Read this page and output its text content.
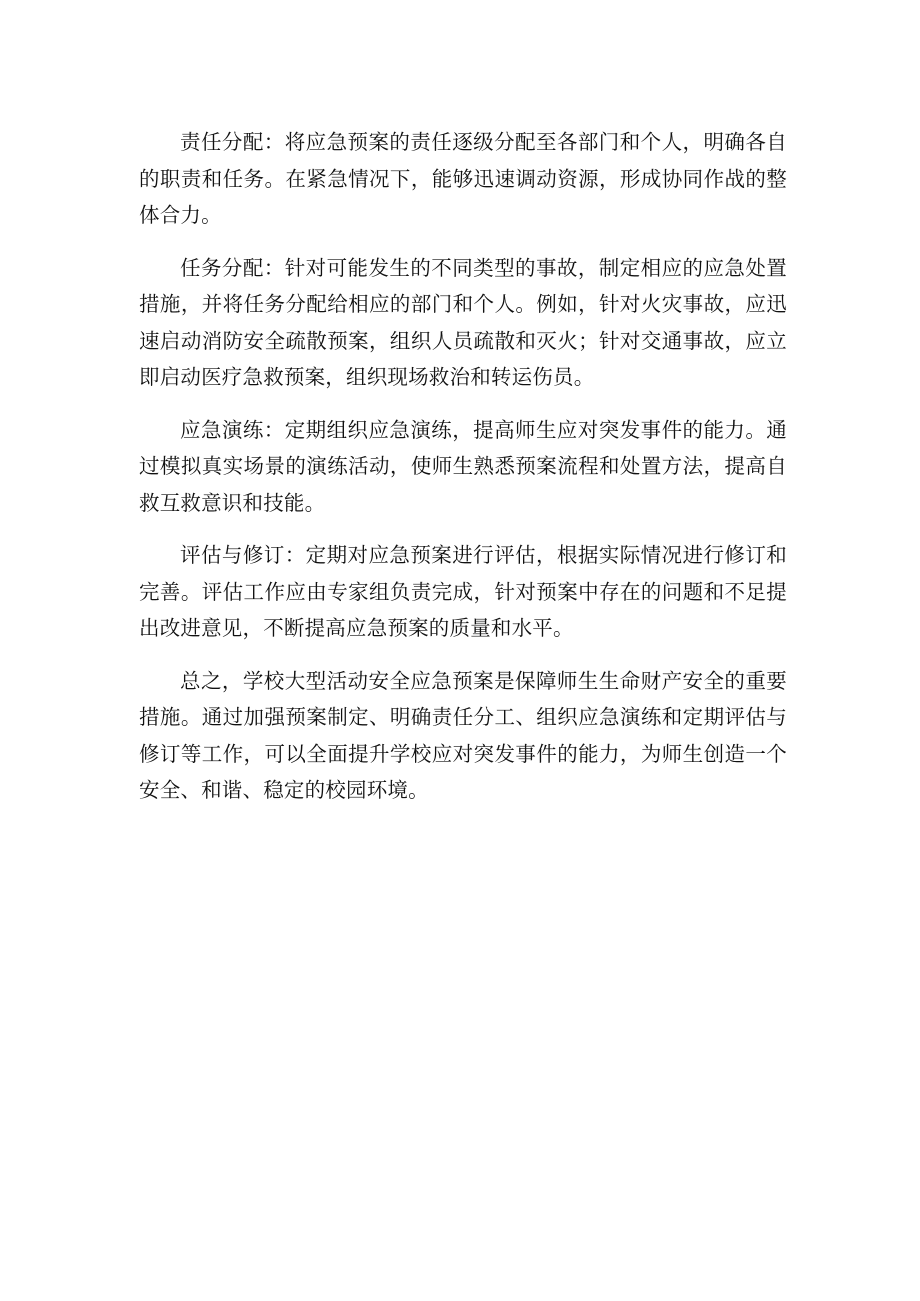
责任分配：将应急预案的责任逐级分配至各部门和个人，明确各自的职责和任务。在紧急情况下，能够迅速调动资源，形成协同作战的整体合力。

任务分配：针对可能发生的不同类型的事故，制定相应的应急处置措施，并将任务分配给相应的部门和个人。例如，针对火灾事故，应迅速启动消防安全疏散预案，组织人员疏散和灭火；针对交通事故，应立即启动医疗急救预案，组织现场救治和转运伤员。

应急演练：定期组织应急演练，提高师生应对突发事件的能力。通过模拟真实场景的演练活动，使师生熟悉预案流程和处置方法，提高自救互救意识和技能。

评估与修订：定期对应急预案进行评估，根据实际情况进行修订和完善。评估工作应由专家组负责完成，针对预案中存在的问题和不足提出改进意见，不断提高应急预案的质量和水平。

总之，学校大型活动安全应急预案是保障师生生命财产安全的重要措施。通过加强预案制定、明确责任分工、组织应急演练和定期评估与修订等工作，可以全面提升学校应对突发事件的能力，为师生创造一个安全、和谐、稳定的校园环境。
